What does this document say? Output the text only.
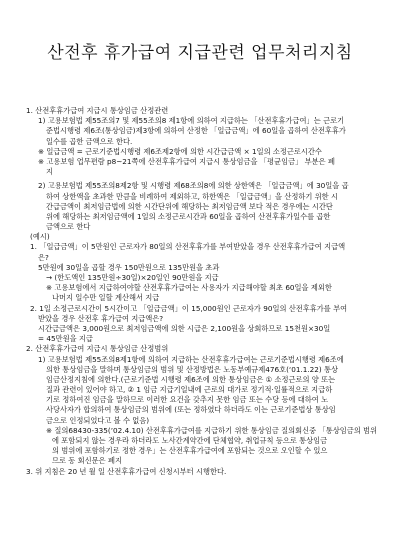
산전후 휴가급여 지급관련 업무처리지침
1. 산전후휴가급여 지급시 통상임금 산정관련
1) 고용보험법 제55조의7 및 제55조의8 제1항에 의하여 지급하는 「산전후휴가급여」는 근로기
준법시행령 제6조(통상임금)제3항에 의하여 산정한 「일급금액」에 60일을 곱하여 산전후휴가
일수를 곱한 금액으로 한다.
※ 일급금액 = 근로기준법시행령 제6조제2항에 의한 시간급금액 × 1일의 소정근로시간수
※ 고용보험 업무편람 p8~21쪽에 산전후휴가급여 지급시 통상임금을 「평균임금」 부분은 폐
지
2) 고용보험법 제55조의8제2항 및 시행령 제68조의8에 의한 상한액은 「일급금액」에 30일을 곱
하여 상한액을 초과한 만큼을 비례하여 제외하고, 하한액은 「일급금액」을 산정하기 위한 시
간급금액이 최저임금법에 의한 시간단위에 해당하는 최저임금액 보다 적은 경우에는 시간단
위에 해당하는 최저임금액에 1일의 소정근로시간과 60일을 곱하여 산전후휴가일수를 곱한
금액으로 한다
(예시)
1. 「일급금액」이 5만원인 근로자가 80일의 산전후휴가를 부여받았을 경우 산전후휴가급여 지급액
은?
5만원에 30일을 곱할 경우 150만원으로 135만원을 초과
→ (한도액인 135만원÷30일)×20일인 90만원을 지급
※ 고용보험에서 지급하여야할 산전후휴가급여는 사용자가 지급해야할 최초 60일을 제외한
나머지 일수만 일할 계산해서 지급
2. 1일 소정근로시간이 5시간이고 「일급금액」이 15,000원인 근로자가 90일의 산전후휴가를 부여
받았을 경우 산전후 휴가급여 지급액은?
시간급금액은 3,000원으로 최저임금액에 의한 시급은 2,100원을 상회하므로 15천원×30일
= 45만원을 지급
2. 산전후휴가급여 지급시 통상임금 산정범위
1) 고용보험법 제55조의8제1항에 의하여 지급하는 산전후휴가급여는 근로기준법시행령 제6조에
의한 통상임금을 말하며 통상임금의 범위 및 산정방법은 노동부예규제476호(‘01.1.22) 통상
임금산정지침에 의한다.(근로기준법 시행령 제6조에 의한 통상임금은 ① 소정근로의 양 또는
질과 관련이 있어야 하고, ② 1 임금 지급기일내에 근로의 대가로 정기적·일률적으로 지급하
기로 정하여진 임금을 말하므로 이러한 요건을 갖추지 못한 임금 또는 수당 등에 대하여 노
사당사자가 합의하여 통상임금의 범위에 (또는 정하였다 하더라도 이는 근로기준법상 통상임
금으로 인정되었다고 볼 수 없음)
※ 질의68430-335(’02.4.10) 산전후휴가급여를 지급하기 위한 통상임금 질의회신중 「통상임금의 범위
에 포함되지 않는 경우라 하더라도 노사간계약간에 단체협약, 취업규칙 등으로 통상임금
의 범위에 포함하기로 정한 경우」는 산전후휴가급여에 포함되는 것으로 오인할 수 있으
므로 동 회신문은 폐지
3. 위 지침은 20 년 월 일 산전후휴가급여 신청시부터 시행한다.
